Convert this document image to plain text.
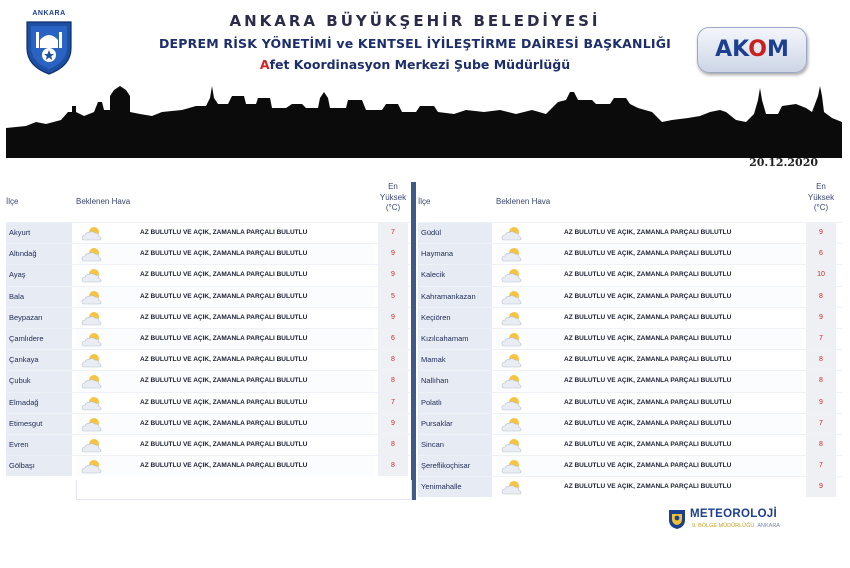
ANKARA	ANKARA BÜYÜKŞEHİR BELEDİYESİ
DEPREM RİSK YÖNETİMİ ve KENTSEL İYİLEŞTİRME DAİRESİ BAŞKANLIĞI
Afet Koordinasyon Merkezi Şube Müdürlüğü
AKOM
20.12.2020
İlçe	Beklenen Hava
En
Yüksek
(°C)
Akyurt	AZ BULUTLU VE AÇIK, ZAMANLA PARÇALI BULUTLU	7
Altındağ	AZ BULUTLU VE AÇIK, ZAMANLA PARÇALI BULUTLU	9
Ayaş	AZ BULUTLU VE AÇIK, ZAMANLA PARÇALI BULUTLU	9
Bala	AZ BULUTLU VE AÇIK, ZAMANLA PARÇALI BULUTLU	5
Beypazarı	AZ BULUTLU VE AÇIK, ZAMANLA PARÇALI BULUTLU	9
Çamlıdere	AZ BULUTLU VE AÇIK, ZAMANLA PARÇALI BULUTLU	6
Çankaya	AZ BULUTLU VE AÇIK, ZAMANLA PARÇALI BULUTLU	8
Çubuk	AZ BULUTLU VE AÇIK, ZAMANLA PARÇALI BULUTLU	8
Elmadağ	AZ BULUTLU VE AÇIK, ZAMANLA PARÇALI BULUTLU	7
Etimesgut	AZ BULUTLU VE AÇIK, ZAMANLA PARÇALI BULUTLU	9
Evren	AZ BULUTLU VE AÇIK, ZAMANLA PARÇALI BULUTLU	8
Gölbaşı	AZ BULUTLU VE AÇIK, ZAMANLA PARÇALI BULUTLU	8
İlçe	Beklenen Hava
En
Yüksek
(°C)
Güdül	AZ BULUTLU VE AÇIK, ZAMANLA PARÇALI BULUTLU	9
Haymana	AZ BULUTLU VE AÇIK, ZAMANLA PARÇALI BULUTLU	6
Kalecik	AZ BULUTLU VE AÇIK, ZAMANLA PARÇALI BULUTLU	10
Kahramankazan	AZ BULUTLU VE AÇIK, ZAMANLA PARÇALI BULUTLU	8
Keçiören	AZ BULUTLU VE AÇIK, ZAMANLA PARÇALI BULUTLU	9
Kızılcahamam	AZ BULUTLU VE AÇIK, ZAMANLA PARÇALI BULUTLU	7
Mamak	AZ BULUTLU VE AÇIK, ZAMANLA PARÇALI BULUTLU	8
Nallıhan	AZ BULUTLU VE AÇIK, ZAMANLA PARÇALI BULUTLU	8
Polatlı	AZ BULUTLU VE AÇIK, ZAMANLA PARÇALI BULUTLU	9
Pursaklar	AZ BULUTLU VE AÇIK, ZAMANLA PARÇALI BULUTLU	7
Sincan	AZ BULUTLU VE AÇIK, ZAMANLA PARÇALI BULUTLU	8
Şereflikoçhisar	AZ BULUTLU VE AÇIK, ZAMANLA PARÇALI BULUTLU	7
Yenimahalle	AZ BULUTLU VE AÇIK, ZAMANLA PARÇALI BULUTLU	9
METEOROLOJİ
9. BÖLGE MÜDÜRLÜĞÜ ANKARA
